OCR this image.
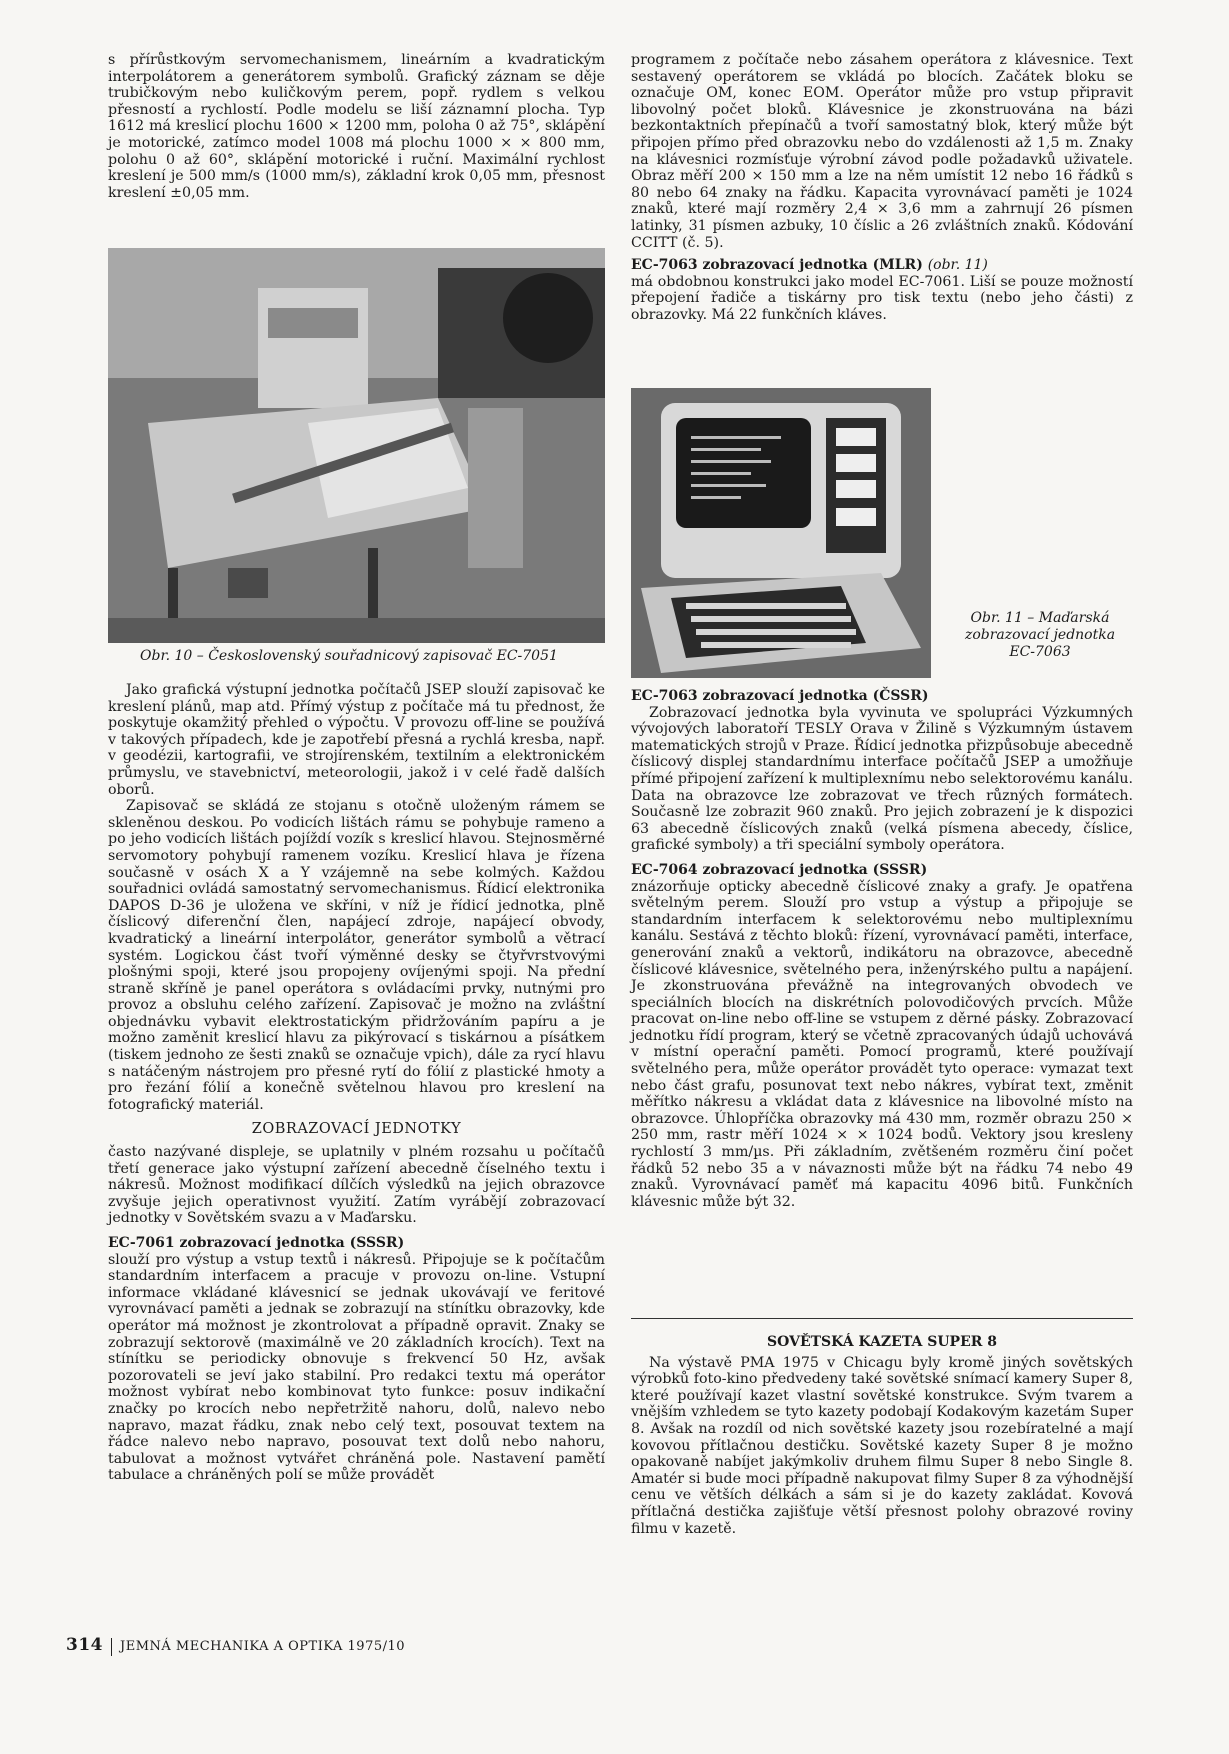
s přírůstkovým servomechanismem, lineárním a kvadratickým interpolátorem a generátorem symbolů. Grafický záznam se děje trubičkovým nebo kuličkovým perem, popř. rydlem s velkou přesností a rychlostí. Podle modelu se liší záznamní plocha. Typ 1612 má kreslicí plochu 1600 × 1200 mm, poloha 0 až 75°, sklápění je motorické, zatímco model 1008 má plochu 1000 × × 800 mm, polohu 0 až 60°, sklápění motorické i ruční. Maximální rychlost kreslení je 500 mm/s (1000 mm/s), základní krok 0,05 mm, přesnost kreslení ±0,05 mm.

Obr. 10 – Československý souřadnicový zapisovač EC-7051

Jako grafická výstupní jednotka počítačů JSEP slouží zapisovač ke kreslení plánů, map atd. Přímý výstup z počítače má tu přednost, že poskytuje okamžitý přehled o výpočtu. V provozu off-line se používá v takových případech, kde je zapotřebí přesná a rychlá kresba, např. v geodézii, kartografii, ve strojírenském, textilním a elektronickém průmyslu, ve stavebnictví, meteorologii, jakož i v celé řadě dalších oborů.

Zapisovač se skládá ze stojanu s otočně uloženým rámem se skleněnou deskou. Po vodicích lištách rámu se pohybuje rameno a po jeho vodicích lištách pojíždí vozík s kreslicí hlavou. Stejnosměrné servomotory pohybují ramenem vozíku. Kreslicí hlava je řízena současně v osách X a Y vzájemně na sebe kolmých. Každou souřadnici ovládá samostatný servomechanismus. Řídicí elektronika DAPOS D-36 je uložena ve skříni, v níž je řídicí jednotka, plně číslicový diferenční člen, napájecí zdroje, napájecí obvody, kvadratický a lineární interpolátor, generátor symbolů a větrací systém. Logickou část tvoří výměnné desky se čtyřvrstvovými plošnými spoji, které jsou propojeny ovíjenými spoji. Na přední straně skříně je panel operátora s ovládacími prvky, nutnými pro provoz a obsluhu celého zařízení. Zapisovač je možno na zvláštní objednávku vybavit elektrostatickým přidržováním papíru a je možno zaměnit kreslicí hlavu za pikýrovací s tiskárnou a písátkem (tiskem jednoho ze šesti znaků se označuje vpich), dále za rycí hlavu s natáčeným nástrojem pro přesné rytí do fólií z plastické hmoty a pro řezání fólií a konečně světelnou hlavou pro kreslení na fotografický materiál.

ZOBRAZOVACÍ JEDNOTKY

často nazývané displeje, se uplatnily v plném rozsahu u počítačů třetí generace jako výstupní zařízení abecedně číselného textu i nákresů. Možnost modifikací dílčích výsledků na jejich obrazovce zvyšuje jejich operativnost využití. Zatím vyrábějí zobrazovací jednotky v Sovětském svazu a v Maďarsku.

EC-7061 zobrazovací jednotka (SSSR)

slouží pro výstup a vstup textů i nákresů. Připojuje se k počítačům standardním interfacem a pracuje v provozu on-line. Vstupní informace vkládané klávesnicí se jednak ukovávají ve feritové vyrovnávací paměti a jednak se zobrazují na stínítku obrazovky, kde operátor má možnost je zkontrolovat a případně opravit. Znaky se zobrazují sektorově (maximálně ve 20 základních krocích). Text na stínítku se periodicky obnovuje s frekvencí 50 Hz, avšak pozorovateli se jeví jako stabilní. Pro redakci textu má operátor možnost vybírat nebo kombinovat tyto funkce: posuv indikační značky po krocích nebo nepřetržitě nahoru, dolů, nalevo nebo napravo, mazat řádku, znak nebo celý text, posouvat textem na řádce nalevo nebo napravo, posouvat text dolů nebo nahoru, tabulovat a možnost vytvářet chráněná pole. Nastavení pamětí tabulace a chráněných polí se může provádět

programem z počítače nebo zásahem operátora z klávesnice. Text sestavený operátorem se vkládá po blocích. Začátek bloku se označuje OM, konec EOM. Operátor může pro vstup připravit libovolný počet bloků. Klávesnice je zkonstruována na bázi bezkontaktních přepínačů a tvoří samostatný blok, který může být připojen přímo před obrazovku nebo do vzdálenosti až 1,5 m. Znaky na klávesnici rozmísťuje výrobní závod podle požadavků uživatele. Obraz měří 200 × 150 mm a lze na něm umístit 12 nebo 16 řádků s 80 nebo 64 znaky na řádku. Kapacita vyrovnávací paměti je 1024 znaků, které mají rozměry 2,4 × 3,6 mm a zahrnují 26 písmen latinky, 31 písmen azbuky, 10 číslic a 26 zvláštních znaků. Kódování CCITT (č. 5).

EC-7063 zobrazovací jednotka (MLR) (obr. 11)

má obdobnou konstrukci jako model EC-7061. Liší se pouze možností přepojení řadiče a tiskárny pro tisk textu (nebo jeho části) z obrazovky. Má 22 funkčních kláves.

Obr. 11 – Maďarská
zobrazovací jednotka
EC-7063

EC-7063 zobrazovací jednotka (ČSSR)

Zobrazovací jednotka byla vyvinuta ve spolupráci Výzkumných vývojových laboratoří TESLY Orava v Žilině s Výzkumným ústavem matematických strojů v Praze. Řídicí jednotka přizpůsobuje abecedně číslicový displej standardnímu interface počítačů JSEP a umožňuje přímé připojení zařízení k multiplexnímu nebo selektorovému kanálu. Data na obrazovce lze zobrazovat ve třech různých formátech. Současně lze zobrazit 960 znaků. Pro jejich zobrazení je k dispozici 63 abecedně číslicových znaků (velká písmena abecedy, číslice, grafické symboly) a tři speciální symboly operátora.

EC-7064 zobrazovací jednotka (SSSR)

znázorňuje opticky abecedně číslicové znaky a grafy. Je opatřena světelným perem. Slouží pro vstup a výstup a připojuje se standardním interfacem k selektorovému nebo multiplexnímu kanálu. Sestává z těchto bloků: řízení, vyrovnávací paměti, interface, generování znaků a vektorů, indikátoru na obrazovce, abecedně číslicové klávesnice, světelného pera, inženýrského pultu a napájení. Je zkonstruována převážně na integrovaných obvodech ve speciálních blocích na diskrétních polovodičových prvcích. Může pracovat on-line nebo off-line se vstupem z děrné pásky. Zobrazovací jednotku řídí program, který se včetně zpracovaných údajů uchovává v místní operační paměti. Pomocí programů, které používají světelného pera, může operátor provádět tyto operace: vymazat text nebo část grafu, posunovat text nebo nákres, vybírat text, změnit měřítko nákresu a vkládat data z klávesnice na libovolné místo na obrazovce. Úhlopříčka obrazovky má 430 mm, rozměr obrazu 250 × 250 mm, rastr měří 1024 × × 1024 bodů. Vektory jsou kresleny rychlostí 3 mm/µs. Při základním, zvětšeném rozměru činí počet řádků 52 nebo 35 a v návaznosti může být na řádku 74 nebo 49 znaků. Vyrovnávací paměť má kapacitu 4096 bitů. Funkčních klávesnic může být 32.

SOVĚTSKÁ KAZETA SUPER 8

Na výstavě PMA 1975 v Chicagu byly kromě jiných sovětských výrobků foto-kino předvedeny také sovětské snímací kamery Super 8, které používají kazet vlastní sovětské konstrukce. Svým tvarem a vnějším vzhledem se tyto kazety podobají Kodakovým kazetám Super 8. Avšak na rozdíl od nich sovětské kazety jsou rozebíratelné a mají kovovou přítlačnou destičku. Sovětské kazety Super 8 je možno opakovaně nabíjet jakýmkoliv druhem filmu Super 8 nebo Single 8. Amatér si bude moci případně nakupovat filmy Super 8 za výhodnější cenu ve větších délkách a sám si je do kazety zakládat. Kovová přítlačná destička zajišťuje větší přesnost polohy obrazové roviny filmu v kazetě.

314 JEMNÁ MECHANIKA A OPTIKA 1975/10
